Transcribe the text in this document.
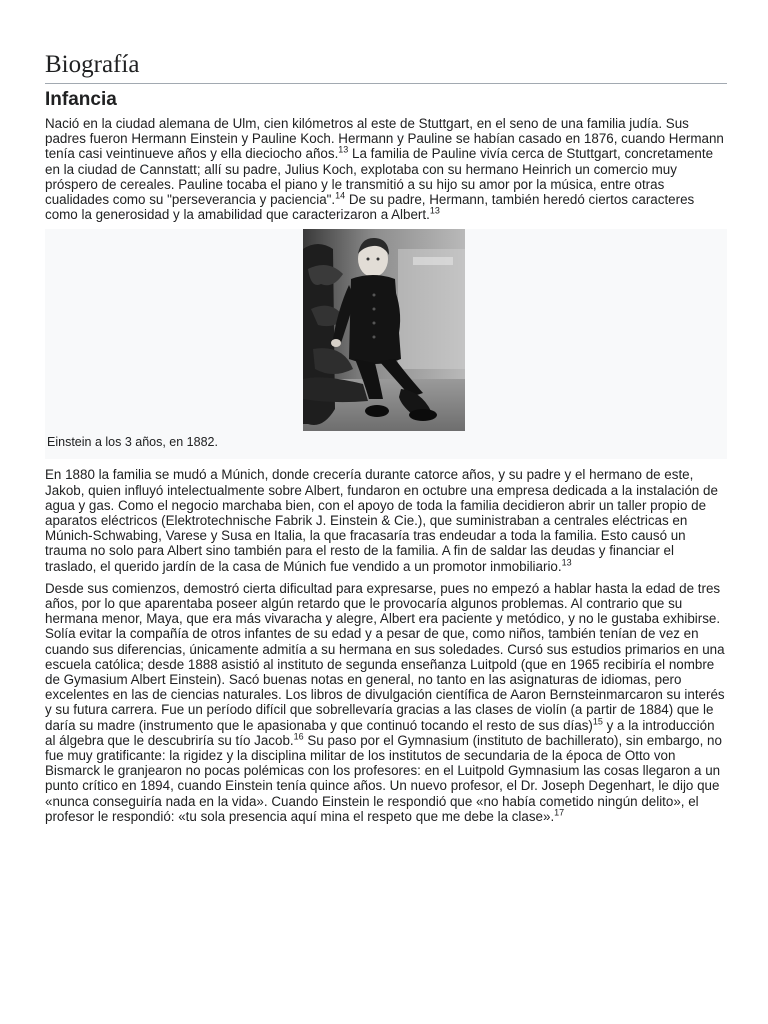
Biografía
Infancia

Nació en la ciudad alemana de Ulm, cien kilómetros al este de Stuttgart, en el seno de una familia judía. Sus padres fueron Hermann Einstein y Pauline Koch. Hermann y Pauline se habían casado en 1876, cuando Hermann tenía casi veintinueve años y ella dieciocho años.$^{13}$ La familia de Pauline vivía cerca de Stuttgart, concretamente en la ciudad de Cannstatt; allí su padre, Julius Koch, explotaba con su hermano Heinrich un comercio muy próspero de cereales. Pauline tocaba el piano y le transmitió a su hijo su amor por la música, entre otras cualidades como su "perseverancia y paciencia".$^{14}$ De su padre, Hermann, también heredó ciertos caracteres como la generosidad y la amabilidad que caracterizaron a Albert.$^{13}$

Einstein a los 3 años, en 1882.

En 1880 la familia se mudó a Múnich, donde crecería durante catorce años, y su padre y el hermano de este, Jakob, quien influyó intelectualmente sobre Albert, fundaron en octubre una empresa dedicada a la instalación de agua y gas. Como el negocio marchaba bien, con el apoyo de toda la familia decidieron abrir un taller propio de aparatos eléctricos (Elektrotechnische Fabrik J. Einstein & Cie.), que suministraban a centrales eléctricas en Múnich-Schwabing, Varese y Susa en Italia, la que fracasaría tras endeudar a toda la familia. Esto causó un trauma no solo para Albert sino también para el resto de la familia. A fin de saldar las deudas y financiar el traslado, el querido jardín de la casa de Múnich fue vendido a un promotor inmobiliario.$^{13}$

Desde sus comienzos, demostró cierta dificultad para expresarse, pues no empezó a hablar hasta la edad de tres años, por lo que aparentaba poseer algún retardo que le provocaría algunos problemas. Al contrario que su hermana menor, Maya, que era más vivaracha y alegre, Albert era paciente y metódico, y no le gustaba exhibirse. Solía evitar la compañía de otros infantes de su edad y a pesar de que, como niños, también tenían de vez en cuando sus diferencias, únicamente admitía a su hermana en sus soledades. Cursó sus estudios primarios en una escuela católica; desde 1888 asistió al instituto de segunda enseñanza Luitpold (que en 1965 recibiría el nombre de Gymasium Albert Einstein). Sacó buenas notas en general, no tanto en las asignaturas de idiomas, pero excelentes en las de ciencias naturales. Los libros de divulgación científica de Aaron Bernsteinmarcaron su interés y su futura carrera. Fue un período difícil que sobrellevaría gracias a las clases de violín (a partir de 1884) que le daría su madre (instrumento que le apasionaba y que continuó tocando el resto de sus días)$^{15}$ y a la introducción al álgebra que le descubriría su tío Jacob.$^{16}$ Su paso por el Gymnasium (instituto de bachillerato), sin embargo, no fue muy gratificante: la rigidez y la disciplina militar de los institutos de secundaria de la época de Otto von Bismarck le granjearon no pocas polémicas con los profesores: en el Luitpold Gymnasium las cosas llegaron a un punto crítico en 1894, cuando Einstein tenía quince años. Un nuevo profesor, el Dr. Joseph Degenhart, le dijo que «nunca conseguiría nada en la vida». Cuando Einstein le respondió que «no había cometido ningún delito», el profesor le respondió: «tu sola presencia aquí mina el respeto que me debe la clase».$^{17}$
